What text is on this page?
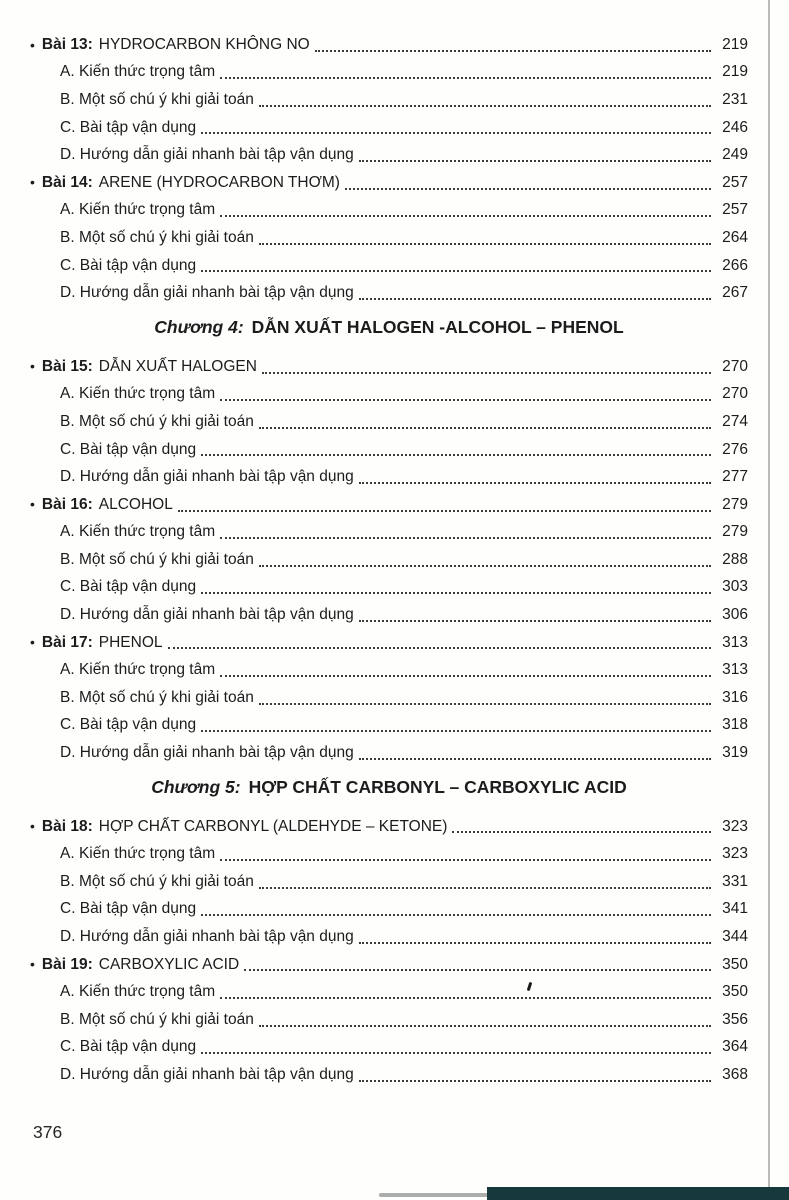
• Bài 13: HYDROCARBON KHÔNG NO	219
A. Kiến thức trọng tâm	219
B. Một số chú ý khi giải toán	231
C. Bài tập vận dụng	246
D. Hướng dẫn giải nhanh bài tập vận dụng	249
• Bài 14: ARENE (HYDROCARBON THƠM)	257
A. Kiến thức trọng tâm	257
B. Một số chú ý khi giải toán	264
C. Bài tập vận dụng	266
D. Hướng dẫn giải nhanh bài tập vận dụng	267
Chương 4: DẪN XUẤT HALOGEN -ALCOHOL – PHENOL
• Bài 15: DẪN XUẤT HALOGEN	270
A. Kiến thức trọng tâm	270
B. Một số chú ý khi giải toán	274
C. Bài tập vận dụng	276
D. Hướng dẫn giải nhanh bài tập vận dụng	277
• Bài 16: ALCOHOL	279
A. Kiến thức trọng tâm	279
B. Một số chú ý khi giải toán	288
C. Bài tập vận dụng	303
D. Hướng dẫn giải nhanh bài tập vận dụng	306
• Bài 17: PHENOL	313
A. Kiến thức trọng tâm	313
B. Một số chú ý khi giải toán	316
C. Bài tập vận dụng	318
D. Hướng dẫn giải nhanh bài tập vận dụng	319
Chương 5: HỢP CHẤT CARBONYL – CARBOXYLIC ACID
• Bài 18: HỢP CHẤT CARBONYL (ALDEHYDE – KETONE)	323
A. Kiến thức trọng tâm	323
B. Một số chú ý khi giải toán	331
C. Bài tập vận dụng	341
D. Hướng dẫn giải nhanh bài tập vận dụng	344
• Bài 19: CARBOXYLIC ACID	350
A. Kiến thức trọng tâm	350
B. Một số chú ý khi giải toán	356
C. Bài tập vận dụng	364
D. Hướng dẫn giải nhanh bài tập vận dụng	368
376
